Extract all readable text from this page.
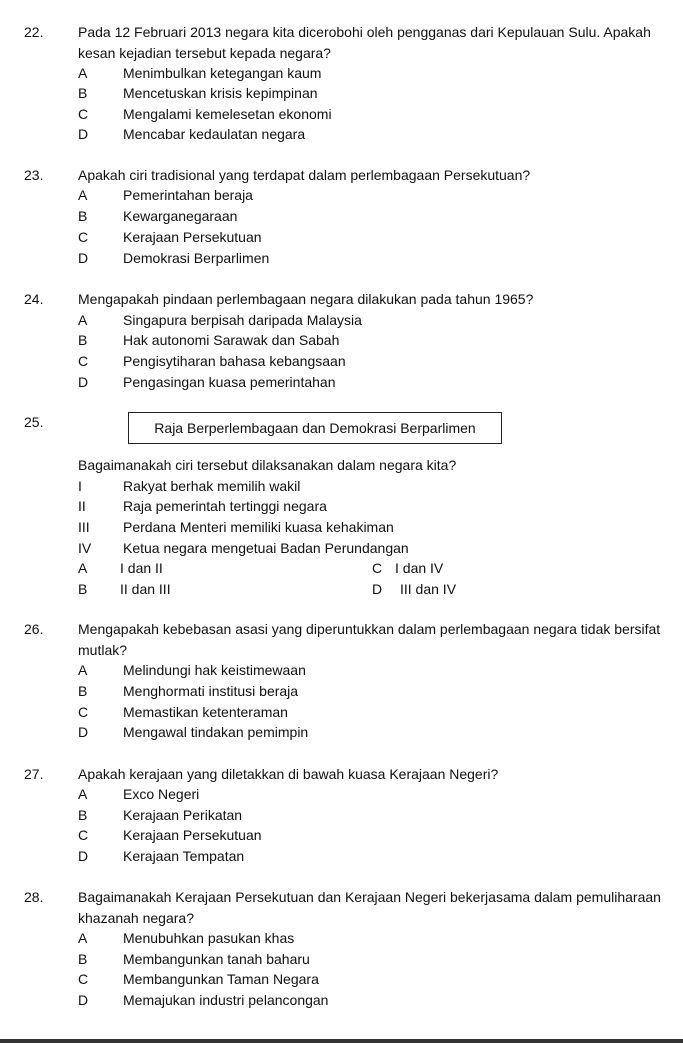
22. Pada 12 Februari 2013 negara kita dicerobohi oleh pengganas dari Kepulauan Sulu. Apakah kesan kejadian tersebut kepada negara?
A	Menimbulkan ketegangan kaum
B	Mencetuskan krisis kepimpinan
C	Mengalami kemelesetan ekonomi
D	Mencabar kedaulatan negara
23. Apakah ciri tradisional yang terdapat dalam perlembagaan Persekutuan?
A	Pemerintahan beraja
B	Kewarganegaraan
C	Kerajaan Persekutuan
D	Demokrasi Berparlimen
24. Mengapakah pindaan perlembagaan negara dilakukan pada tahun 1965?
A	Singapura berpisah daripada Malaysia
B	Hak autonomi Sarawak dan Sabah
C	Pengisytiharan bahasa kebangsaan
D	Pengasingan kuasa pemerintahan
25.	Raja Berperlembagaan dan Demokrasi Berparlimen
Bagaimanakah ciri tersebut dilaksanakan dalam negara kita?
I	Rakyat berhak memilih wakil
II	Raja pemerintah tertinggi negara
III	Perdana Menteri memiliki kuasa kehakiman
IV	Ketua negara mengetuai Badan Perundangan
A	I dan II	C I dan IV
B	II dan III	D	III dan IV
26. Mengapakah kebebasan asasi yang diperuntukkan dalam perlembagaan negara tidak bersifat mutlak?
A	Melindungi hak keistimewaan
B	Menghormati institusi beraja
C	Memastikan ketenteraman
D	Mengawal tindakan pemimpin
27. Apakah kerajaan yang diletakkan di bawah kuasa Kerajaan Negeri?
A	Exco Negeri
B	Kerajaan Perikatan
C	Kerajaan Persekutuan
D	Kerajaan Tempatan
28. Bagaimanakah Kerajaan Persekutuan dan Kerajaan Negeri bekerjasama dalam pemuliharaan khazanah negara?
A	Menubuhkan pasukan khas
B	Membangunkan tanah baharu
C	Membangunkan Taman Negara
D	Memajukan industri pelancongan
